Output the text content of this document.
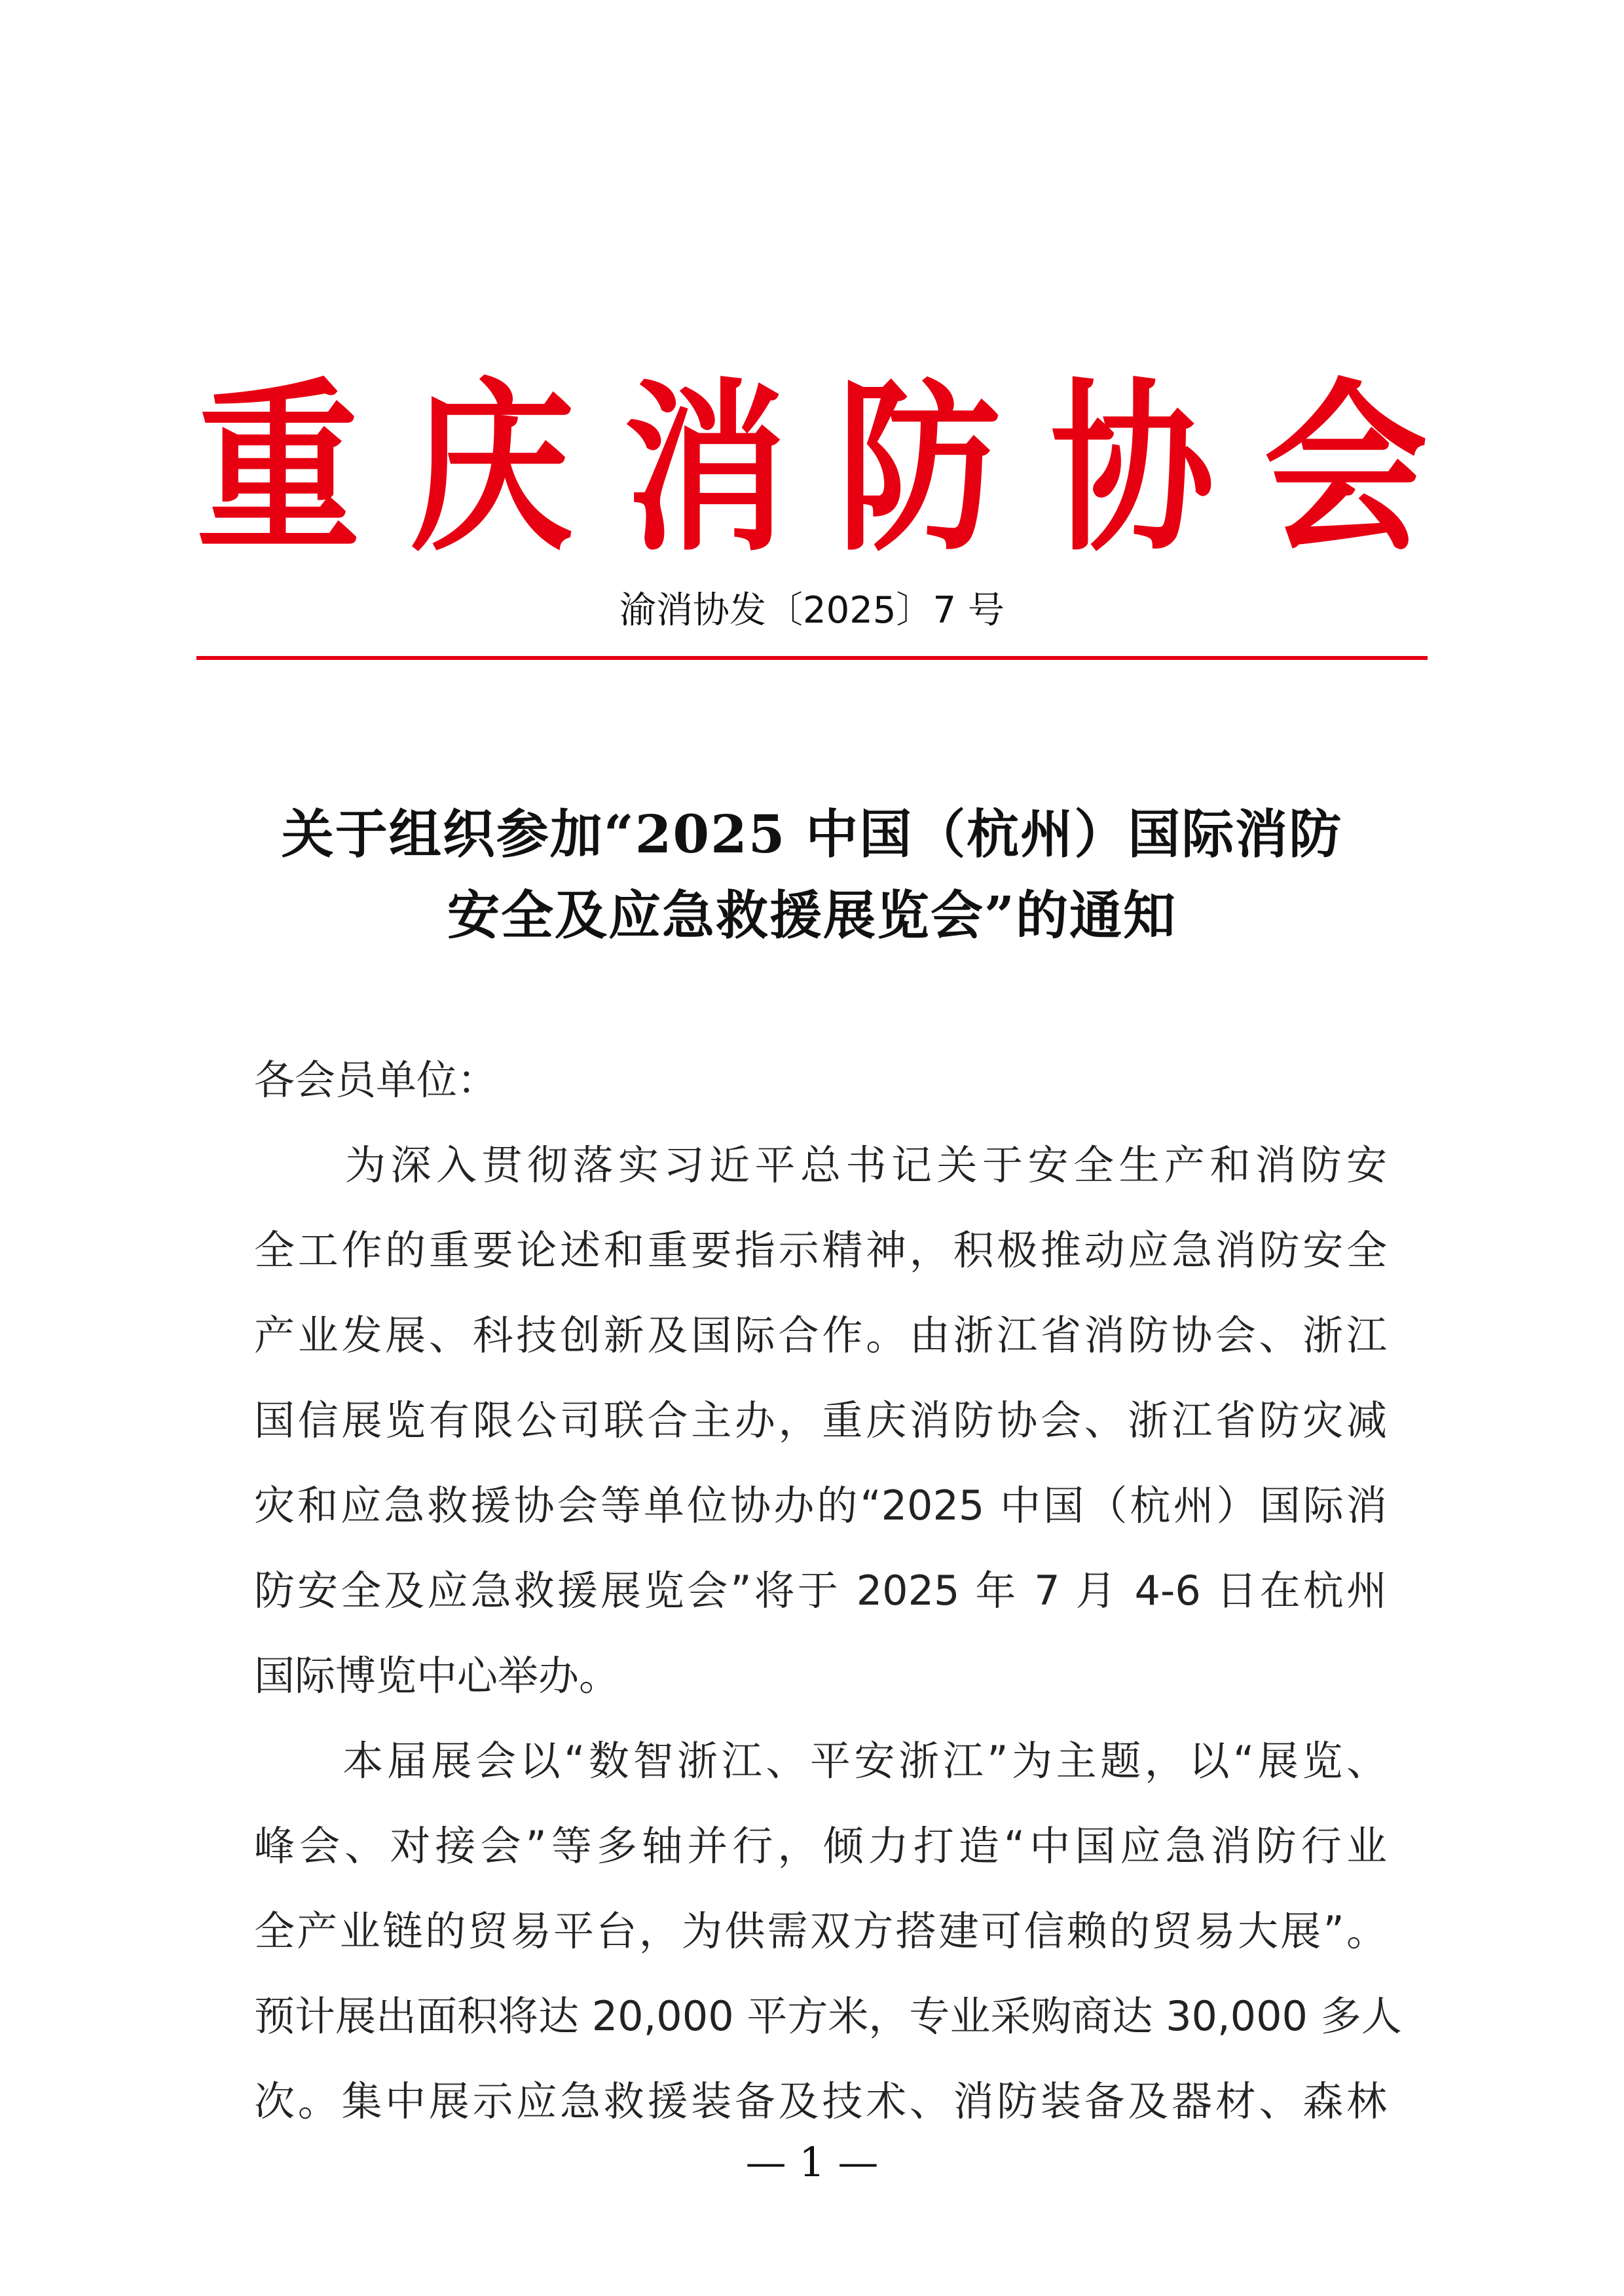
重 庆 消 防 协 会
渝消协发〔2025〕7 号
关于组织参加“2025 中国（杭州）国际消防
安全及应急救援展览会”的通知
各会员单位：
　　为深入贯彻落实习近平总书记关于安全生产和消防安
全工作的重要论述和重要指示精神，积极推动应急消防安全
产业发展、科技创新及国际合作。由浙江省消防协会、浙江
国信展览有限公司联合主办，重庆消防协会、浙江省防灾减
灾和应急救援协会等单位协办的“2025 中国（杭州）国际消
防安全及应急救援展览会”将于 2025 年 7 月 4-6 日在杭州
国际博览中心举办。
　　本届展会以“数智浙江、平安浙江”为主题，以“展览、
峰会、对接会”等多轴并行，倾力打造“中国应急消防行业
全产业链的贸易平台，为供需双方搭建可信赖的贸易大展”。
预计展出面积将达 20,000 平方米，专业采购商达 30,000 多人
次。集中展示应急救援装备及技术、消防装备及器材、森林
— 1 —
